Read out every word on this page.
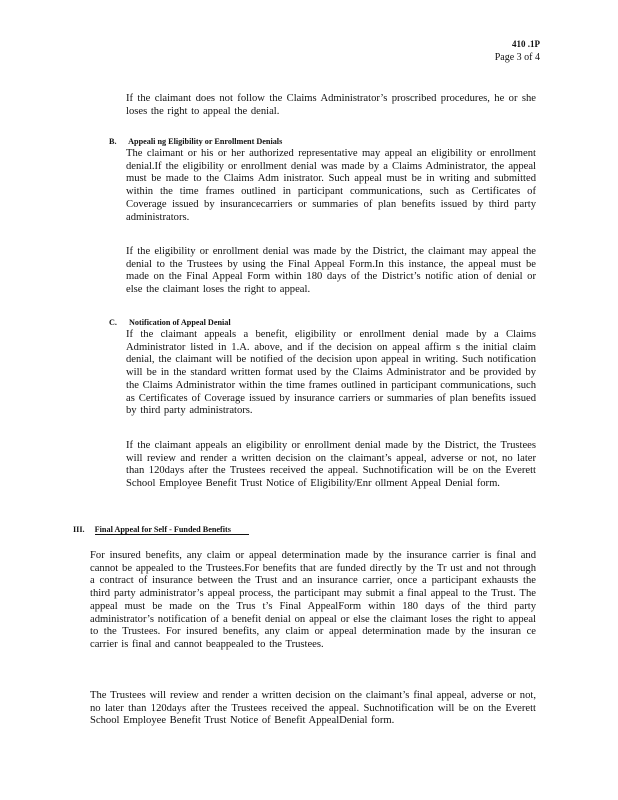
410 .1P
Page 3 of 4

If the claimant does not follow the Claims Administrator’s proscribed procedures, he or she loses the right to appeal the denial.

B. Appeali ng Eligibility or Enrollment Denials

The claimant or his or her authorized representative may appeal an eligibility or enrollment denial.If the eligibility or enrollment denial was made by a Claims Administrator, the appeal must be made to the Claims Adm inistrator. Such appeal must be in writing and submitted within the time frames outlined in participant communications, such as Certificates of Coverage issued by insurancecarriers or summaries of plan benefits issued by third party administrators.

If the eligibility or enrollment denial was made by the District, the claimant may appeal the denial to the Trustees by using the Final Appeal Form.In this instance, the appeal must be made on the Final Appeal Form within 180 days of the District’s notific ation of denial or else the claimant loses the right to appeal.

C. Notification of Appeal Denial

If the claimant appeals a benefit, eligibility or enrollment denial made by a Claims Administrator listed in 1.A. above, and if the decision on appeal affirm s the initial claim denial, the claimant will be notified of the decision upon appeal in writing. Such notification will be in the standard written format used by the Claims Administrator and be provided by the Claims Administrator within the time frames outlined in participant communications, such as Certificates of Coverage issued by insurance carriers or summaries of plan benefits issued by third party administrators.

If the claimant appeals an eligibility or enrollment denial made by the District, the Trustees will review and render a written decision on the claimant’s appeal, adverse or not, no later than 120days after the Trustees received the appeal. Suchnotification will be on the Everett School Employee Benefit Trust Notice of Eligibility/Enr ollment Appeal Denial form.

III. Final Appeal for Self - Funded Benefits

For insured benefits, any claim or appeal determination made by the insurance carrier is final and cannot be appealed to the Trustees.For benefits that are funded directly by the Tr ust and not through a contract of insurance between the Trust and an insurance carrier, once a participant exhausts the third party administrator’s appeal process, the participant may submit a final appeal to the Trust. The appeal must be made on the Trus t’s Final AppealForm within 180 days of the third party administrator’s notification of a benefit denial on appeal or else the claimant loses the right to appeal to the Trustees. For insured benefits, any claim or appeal determination made by the insuran ce carrier is final and cannot beappealed to the Trustees.

The Trustees will review and render a written decision on the claimant’s final appeal, adverse or not, no later than 120days after the Trustees received the appeal. Suchnotification will be on the Everett School Employee Benefit Trust Notice of Benefit AppealDenial form.
